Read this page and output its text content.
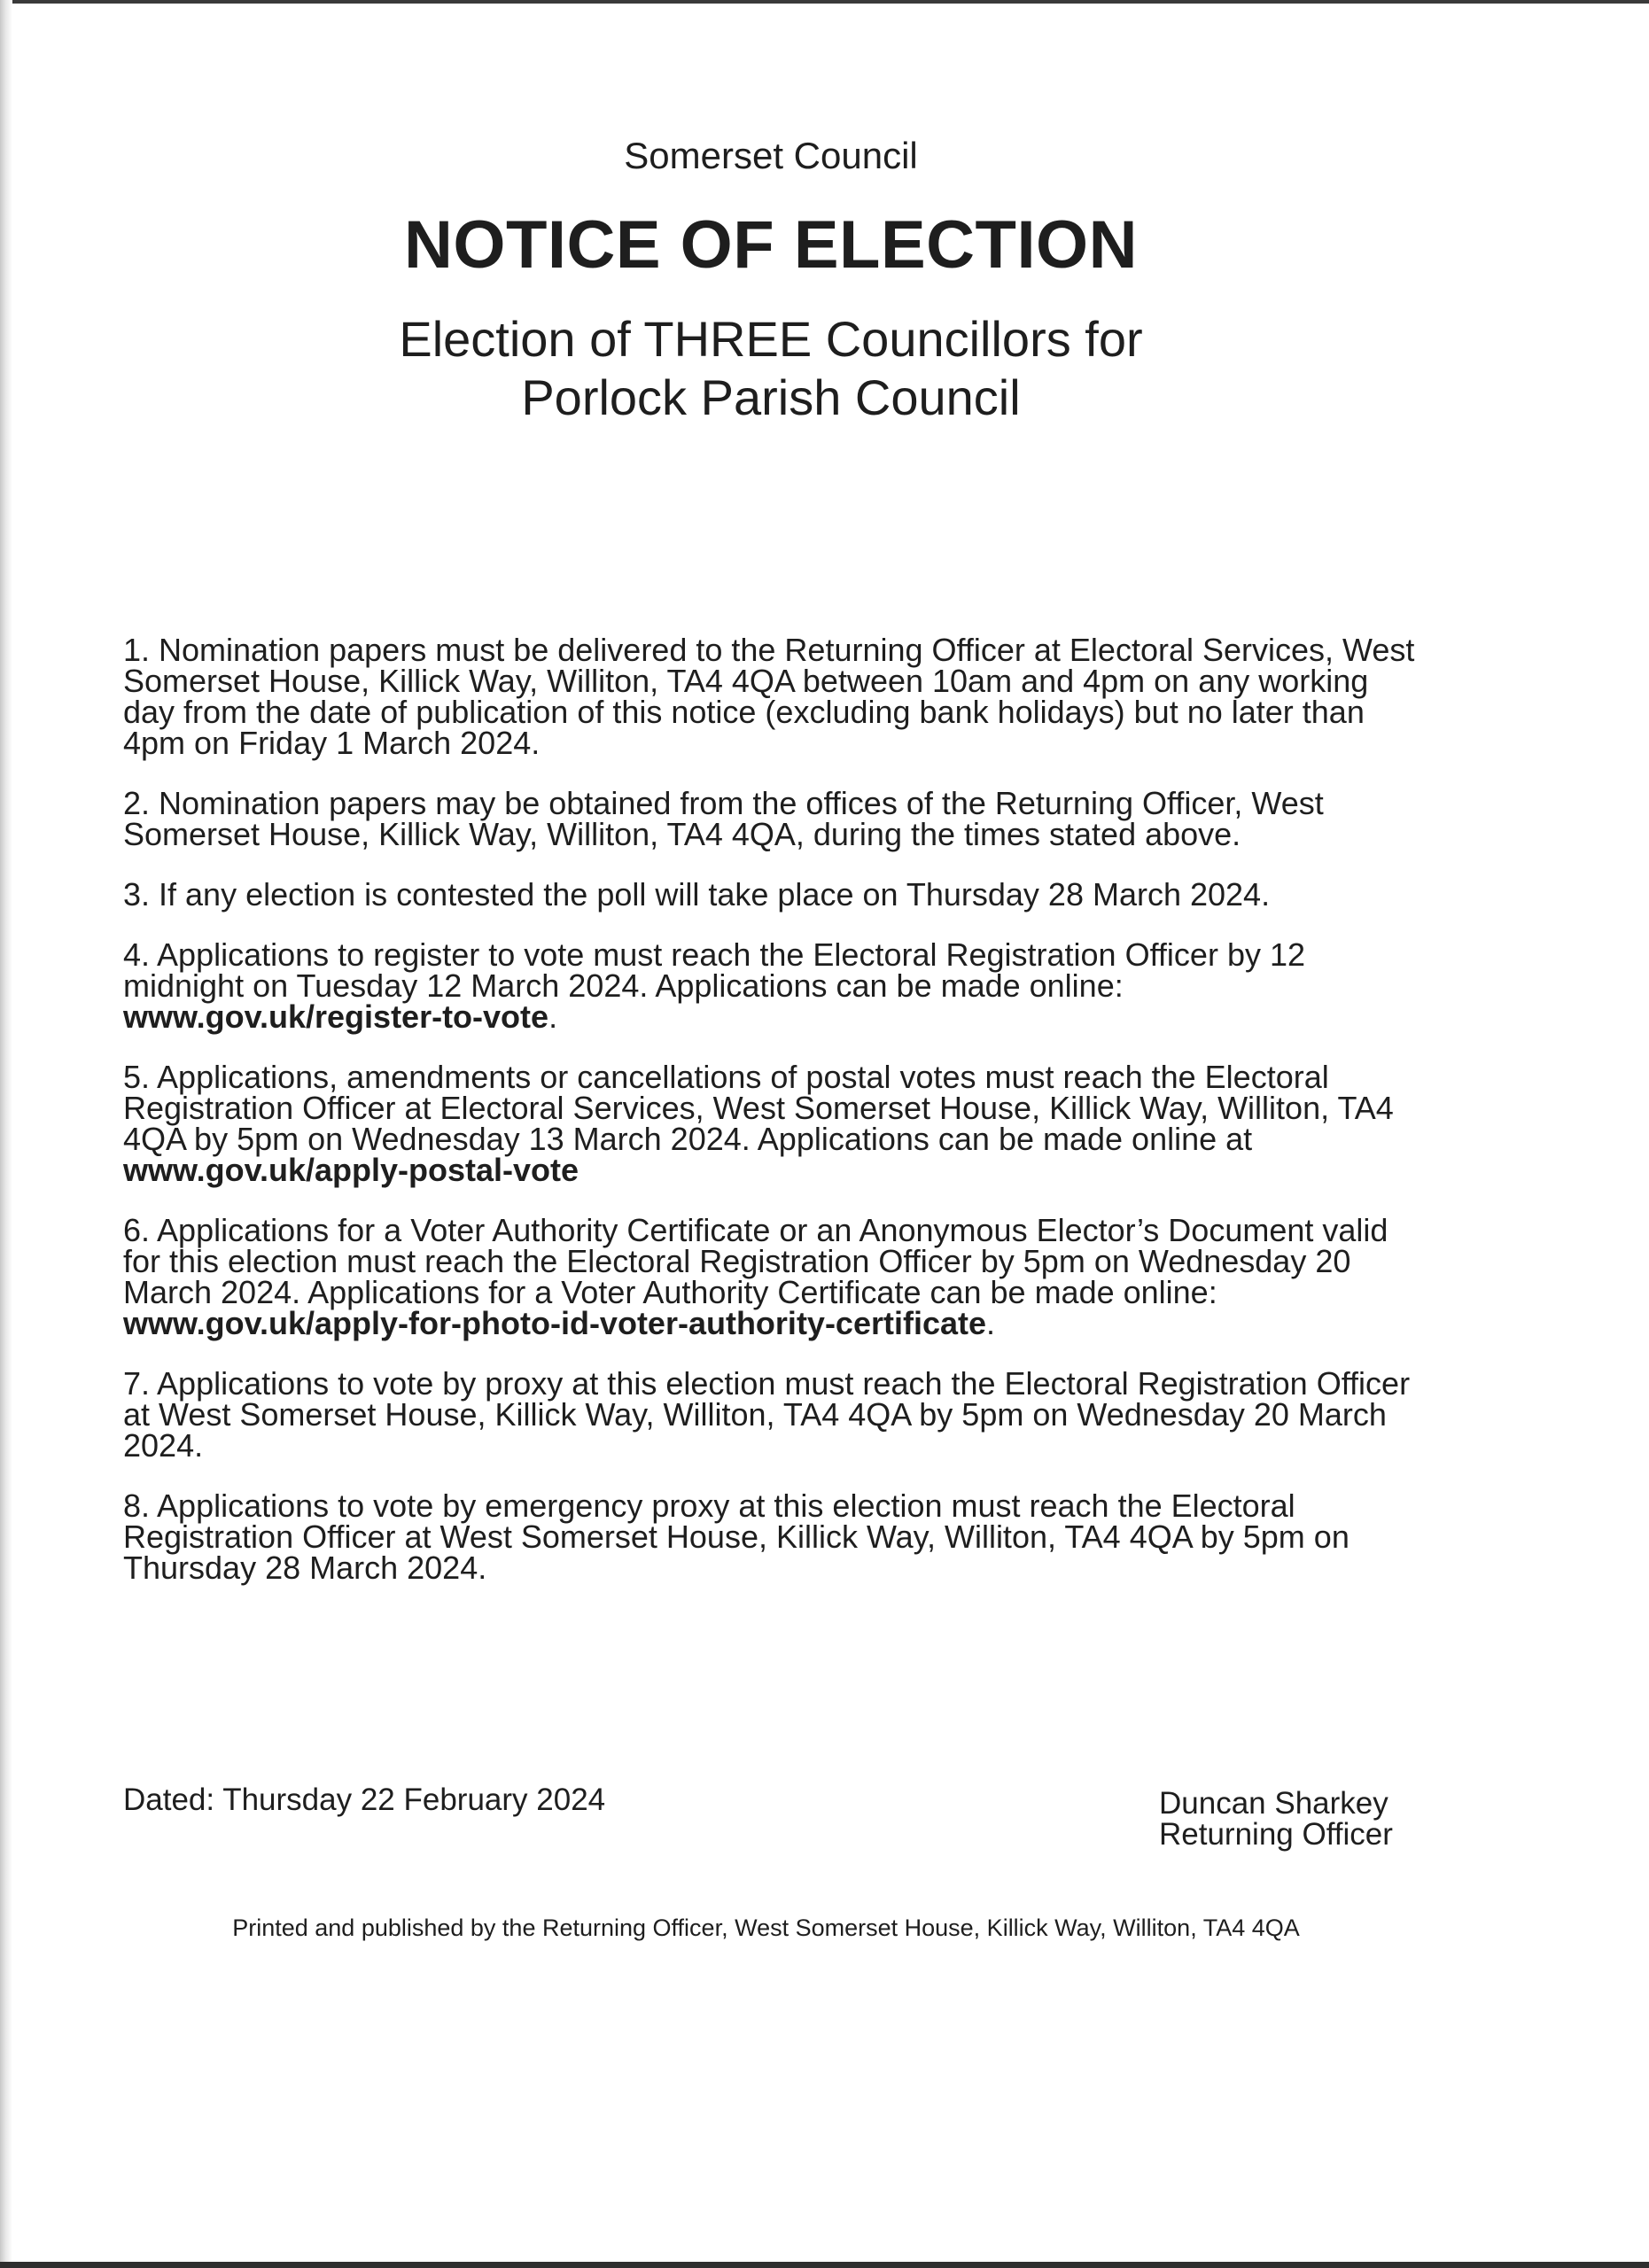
Somerset Council
NOTICE OF ELECTION
Election of THREE Councillors for
Porlock Parish Council

1. Nomination papers must be delivered to the Returning Officer at Electoral Services, West Somerset House, Killick Way, Williton, TA4 4QA between 10am and 4pm on any working day from the date of publication of this notice (excluding bank holidays) but no later than 4pm on Friday 1 March 2024.

2. Nomination papers may be obtained from the offices of the Returning Officer, West Somerset House, Killick Way, Williton, TA4 4QA, during the times stated above.

3. If any election is contested the poll will take place on Thursday 28 March 2024.

4. Applications to register to vote must reach the Electoral Registration Officer by 12 midnight on Tuesday 12 March 2024. Applications can be made online: www.gov.uk/register-to-vote.

5. Applications, amendments or cancellations of postal votes must reach the Electoral Registration Officer at Electoral Services, West Somerset House, Killick Way, Williton, TA4 4QA by 5pm on Wednesday 13 March 2024. Applications can be made online at www.gov.uk/apply-postal-vote

6. Applications for a Voter Authority Certificate or an Anonymous Elector’s Document valid for this election must reach the Electoral Registration Officer by 5pm on Wednesday 20 March 2024. Applications for a Voter Authority Certificate can be made online: www.gov.uk/apply-for-photo-id-voter-authority-certificate.

7. Applications to vote by proxy at this election must reach the Electoral Registration Officer at West Somerset House, Killick Way, Williton, TA4 4QA by 5pm on Wednesday 20 March 2024.

8. Applications to vote by emergency proxy at this election must reach the Electoral Registration Officer at West Somerset House, Killick Way, Williton, TA4 4QA by 5pm on Thursday 28 March 2024.

Dated: Thursday 22 February 2024	Duncan Sharkey
Returning Officer
Printed and published by the Returning Officer, West Somerset House, Killick Way, Williton, TA4 4QA
